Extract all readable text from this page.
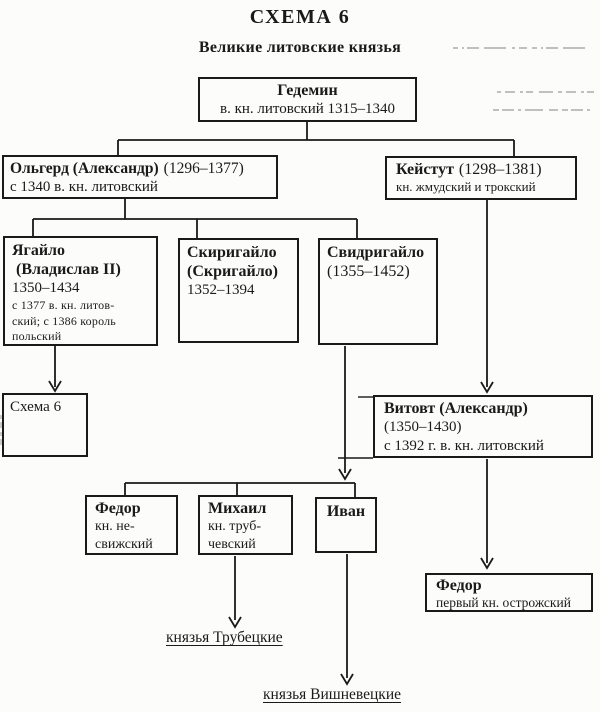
СХЕМА 6
Великие литовские князья
Гедемин
в. кн. литовский 1315–1340
Ольгерд (Александр) (1296–1377)
с 1340 в. кн. литовский
Кейстут (1298–1381)
кн. жмудский и трокский
Ягайло
(Владислав II)
1350–1434
с 1377 в. кн. литов-
ский; с 1386 король
польский
Скиригайло
(Скригайло)
1352–1394
Свидригайло
(1355–1452)
Схема 6	Витовт (Александр)
(1350–1430)
с 1392 г. в. кн. литовский
Федор
кн. не-
свижский
Михаил
кн. труб-
чевский
Иван
Федор
первый кн. острожский
князья Трубецкие
князья Вишневецкие
